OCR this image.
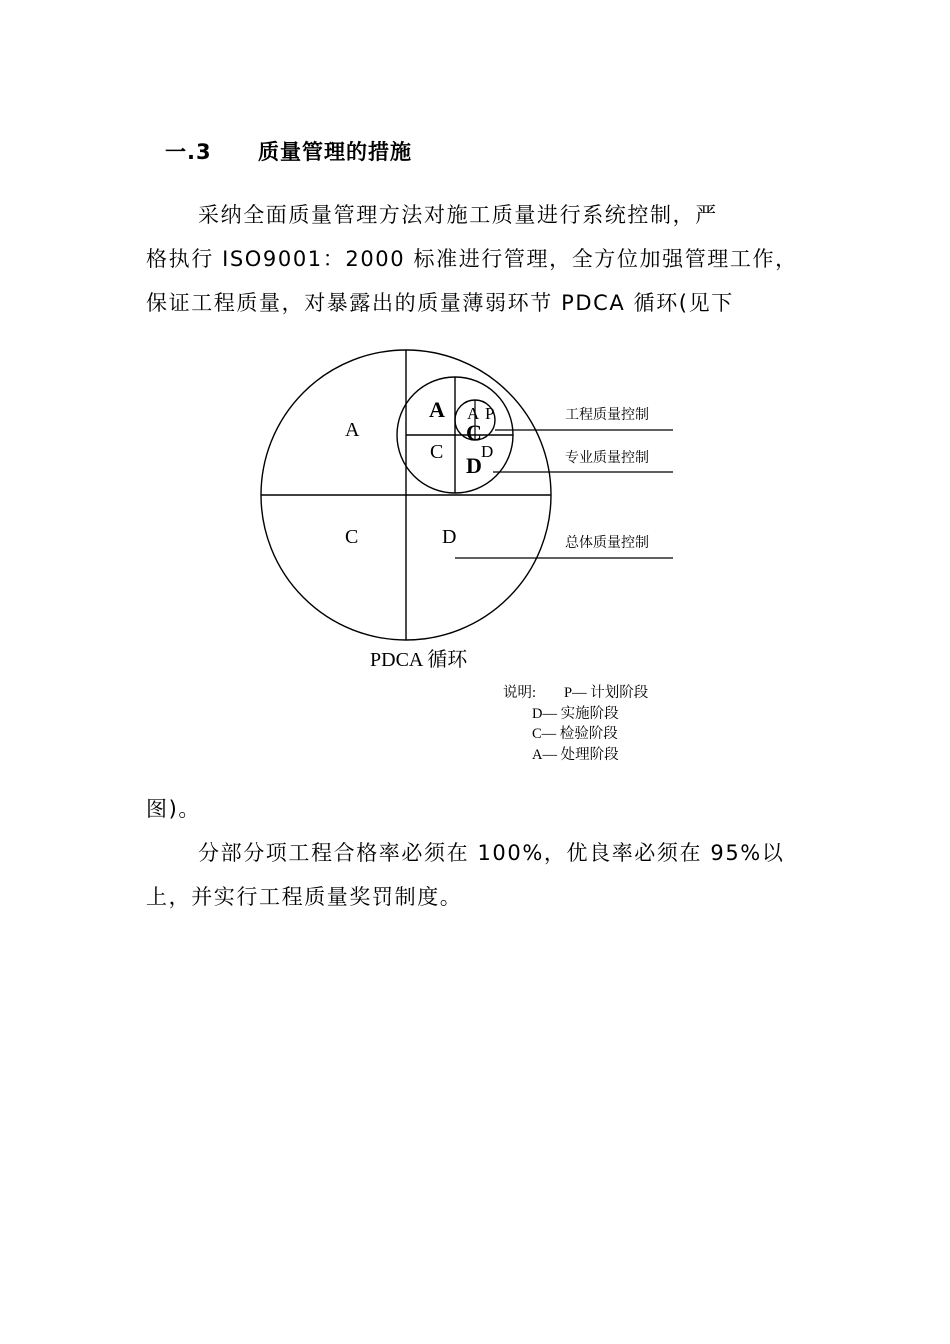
一.3 质量管理的措施
采纳全面质量管理方法对施工质量进行系统控制，严
格执行 ISO9001：2000 标准进行管理，全方位加强管理工作，
保证工程质量，对暴露出的质量薄弱环节 PDCA 循环(见下
A
C	D
A
C
D
A P
C
D
工程质量控制
专业质量控制
总体质量控制
PDCA 循环
说明: P— 计划阶段
D— 实施阶段
C— 检验阶段
A— 处理阶段
图)。
分部分项工程合格率必须在 100%，优良率必须在 95%以
上，并实行工程质量奖罚制度。
